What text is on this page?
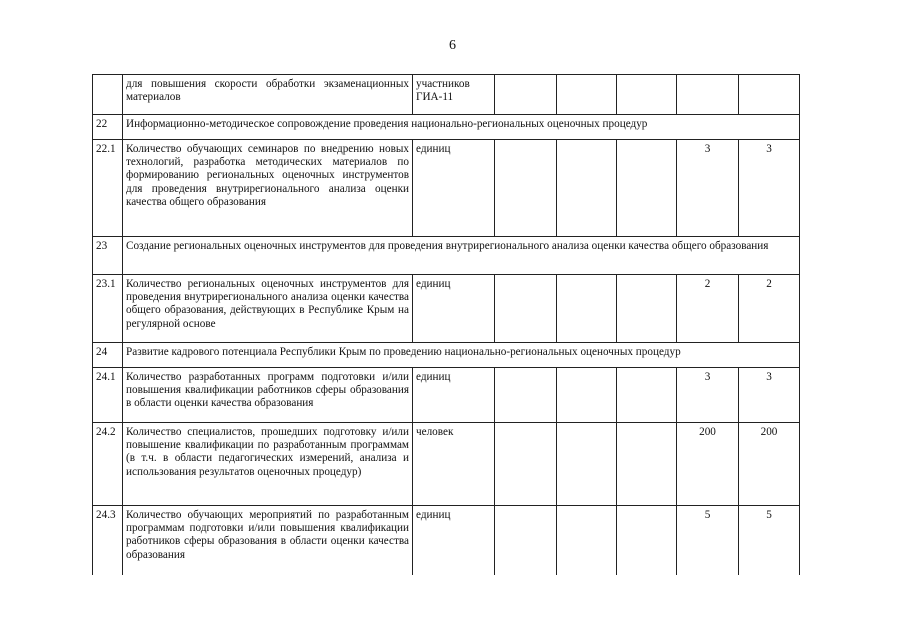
6
	для повышения скорости обработки экзаменационных материалов	участников ГИА-11					
22	Информационно-методическое сопровождение проведения национально-региональных оценочных процедур						
22.1	Количество обучающих семинаров по внедрению новых технологий, разработка методических материалов по формированию региональных оценочных инструментов для проведения внутрирегионального анализа оценки качества общего образования	единиц				3	3
23	Создание региональных оценочных инструментов для проведения внутрирегионального анализа оценки качества общего образования						
23.1	Количество региональных оценочных инструментов для проведения внутрирегионального анализа оценки качества общего образования, действующих в Республике Крым на регулярной основе	единиц				2	2
24	Развитие кадрового потенциала Республики Крым по проведению национально-региональных оценочных процедур						
24.1	Количество разработанных программ подготовки и/или повышения квалификации работников сферы образования в области оценки качества образования	единиц				3	3
24.2	Количество специалистов, прошедших подготовку и/или повышение квалификации по разработанным программам (в т.ч. в области педагогических измерений, анализа и использования результатов оценочных процедур)	человек				200	200
24.3	Количество обучающих мероприятий по разработанным программам подготовки и/или повышения квалификации работников сферы образования в области оценки качества образования	единиц				5	5
